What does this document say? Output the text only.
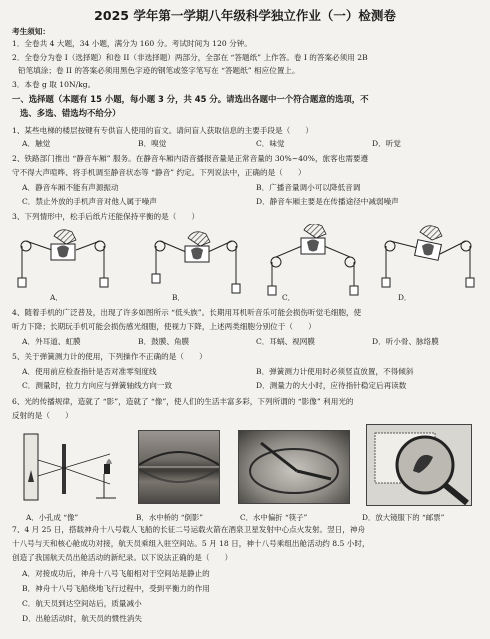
2025 学年第一学期八年级科学独立作业（一）检测卷
考生须知：
1．全卷共 4 大题，34 小题，满分为 160 分。考试时间为 120 分钟。
2．全卷分为卷 I（选择题）和卷 II（非选择题）两部分，全部在 “答题纸” 上作答。卷 I 的答案必须用 2B
铅笔填涂；卷 II 的答案必须用黑色字迹的钢笔或签字笔写在 “答题纸” 相应位置上。
3．本卷 g 取 10N/kg。
一、选择题（本题有 15 小题，每小题 3 分，共 45 分。请选出各题中一个符合题意的选项，不
选、多选、错选均不给分）
1、某些电梯的楼层按键有专供盲人使用的盲文。请问盲人获取信息的主要手段是（　　）
A．触觉	B．嗅觉	C．味觉	D．听觉
2、铁路部门推出 “静音车厢” 服务。在静音车厢内语音播报音量是正常音量的 30%~40%，旅客也需要遵
守不得大声喧哗、将手机调至静音状态等 “静音” 约定。下列说法中，正确的是（　　）
A．静音车厢不能有声源振动	B．广播音量调小可以降低音调
C．禁止外放的手机声音对他人属于噪声	D．静音车厢主要是在传播途径中减弱噪声
3、下列情形中，松手后纸片还能保持平衡的是（　　）
A．	B．	C．	D．
4、随着手机的广泛普及，出现了许多如图所示 “低头族”。长期用耳机听音乐可能会损伤听觉毛细胞，使
听力下降；长期玩手机可能会损伤感光细胞，使视力下降，上述两类细胞分别位于（　　）
A．外耳道、虹膜	B．鼓膜、角膜	C．耳蜗、视网膜	D．听小骨、脉络膜
5、关于弹簧测力计的使用，下列操作不正确的是（　　）
A．使用前应检查指针是否对准零刻度线	B．弹簧测力计使用时必须竖直放置，不得倾斜
C．测量时，拉力方向应与弹簧轴线方向一致	D．测量力的大小时，应待指针稳定后再读数
6、光的传播规律，造就了 “影”，造就了 “像”，使人们的生活丰富多彩，下列所谓的 “影像” 利用光的
反射的是（　　）
A．小孔成 “像”	B．水中桥的 “倒影”	C．水中偏折 “筷子”	D．放大镜服下的 “邮票”
7、4 月 25 日，搭载神舟十八号载人飞船的长征二号运载火箭在酒泉卫星发射中心点火发射。翌日，神舟
十八号与天和核心舱成功对接，航天员乘组入驻空间站。5 月 18 日，神十八号乘组出舱活动约 8.5 小时，
创造了我国航天员出舱活动的新纪录。以下说法正确的是（　　）
A．对接成功后，神舟十八号飞船相对于空间站是静止的
B．神舟十八号飞船绕地飞行过程中，受到平衡力的作用
C．航天员到达空间站后，质量减小
D．出舱活动时，航天员的惯性消失
